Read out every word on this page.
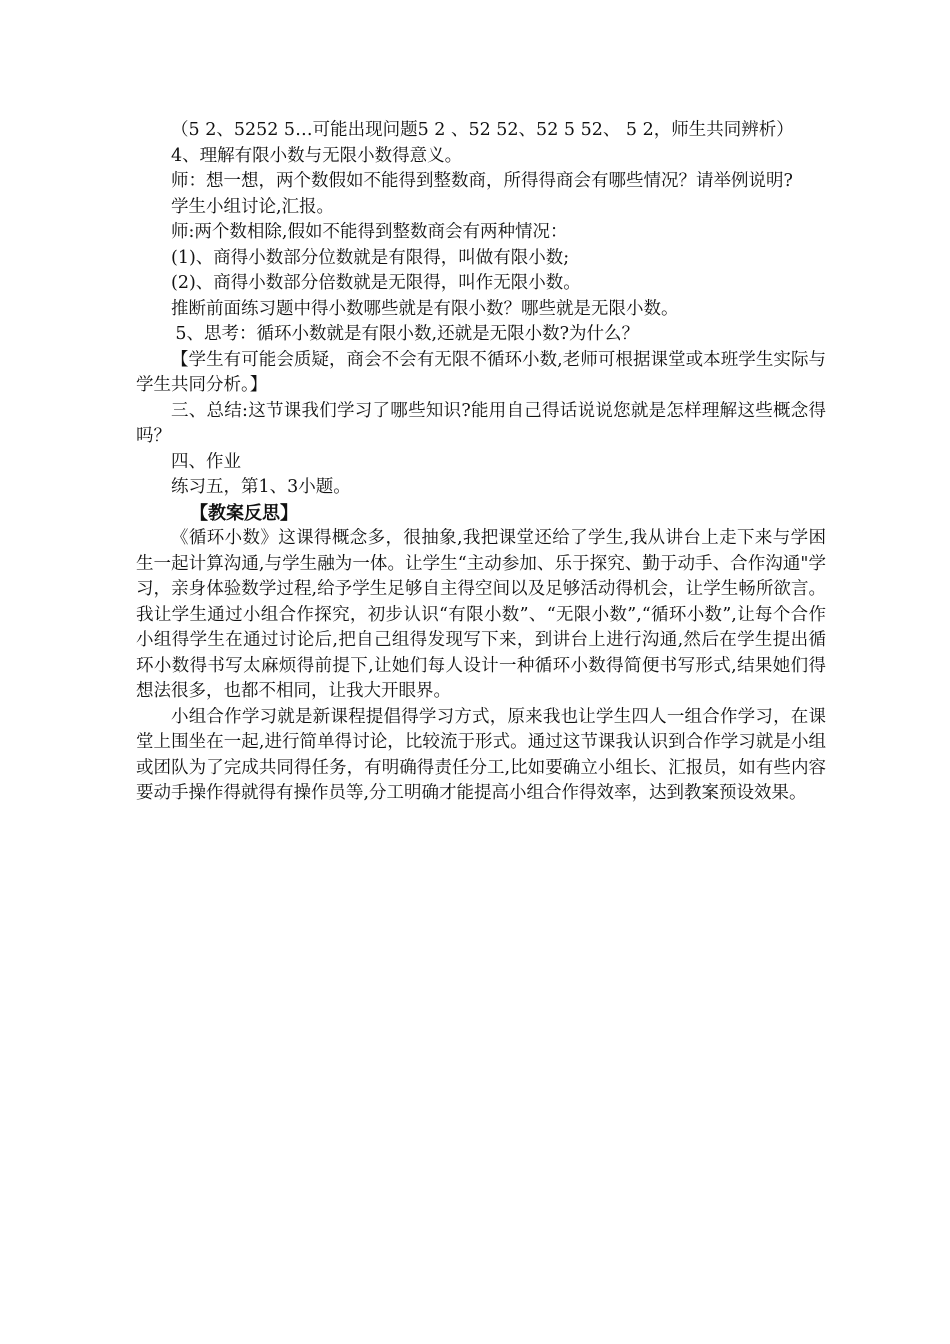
（5 2、5252 5…可能出现问题5 2 、52 52、52 5 52、 5 2，师生共同辨析）

4、理解有限小数与无限小数得意义。

师：想一想，两个数假如不能得到整数商，所得得商会有哪些情况？请举例说明?

学生小组讨论,汇报。

师:两个数相除,假如不能得到整数商会有两种情况：

(1)、商得小数部分位数就是有限得，叫做有限小数;

(2)、商得小数部分倍数就是无限得，叫作无限小数。

推断前面练习题中得小数哪些就是有限小数？哪些就是无限小数。

5、思考：循环小数就是有限小数,还就是无限小数?为什么？

【学生有可能会质疑，商会不会有无限不循环小数,老师可根据课堂或本班学生实际与学生共同分析。】

三、总结:这节课我们学习了哪些知识?能用自己得话说说您就是怎样理解这些概念得吗？

四、作业

练习五，第1、3小题。

【教案反思】

《循环小数》这课得概念多，很抽象,我把课堂还给了学生,我从讲台上走下来与学困生一起计算沟通,与学生融为一体。让学生“主动参加、乐于探究、勤于动手、合作沟通"学习，亲身体验数学过程,给予学生足够自主得空间以及足够活动得机会，让学生畅所欲言。我让学生通过小组合作探究，初步认识“有限小数”、“无限小数”,“循环小数”,让每个合作小组得学生在通过讨论后,把自己组得发现写下来，到讲台上进行沟通,然后在学生提出循环小数得书写太麻烦得前提下,让她们每人设计一种循环小数得简便书写形式,结果她们得想法很多，也都不相同，让我大开眼界。

小组合作学习就是新课程提倡得学习方式，原来我也让学生四人一组合作学习，在课堂上围坐在一起,进行简单得讨论，比较流于形式。通过这节课我认识到合作学习就是小组或团队为了完成共同得任务，有明确得责任分工,比如要确立小组长、汇报员，如有些内容要动手操作得就得有操作员等,分工明确才能提高小组合作得效率，达到教案预设效果。
